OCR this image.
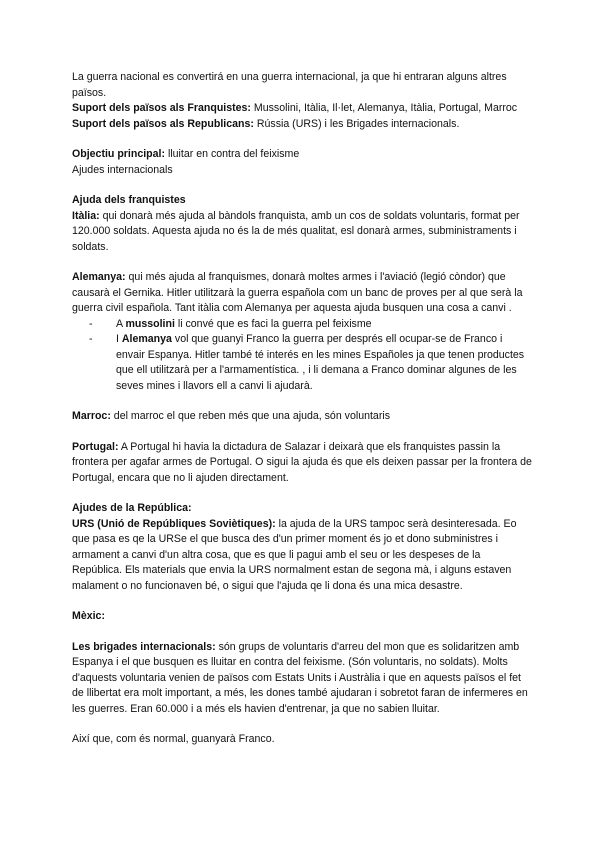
La guerra nacional es convertirá en una guerra internacional, ja que hi entraran alguns altres països.

Suport dels països als Franquistes: Mussolini, Itàlia, Il·let, Alemanya, Itàlia, Portugal, Marroc

Suport dels països als Republicans: Rússia (URS) i les Brigades internacionals.

Objectiu principal: lluitar en contra del feixisme

Ajudes internacionals

Ajuda dels franquistes

Itàlia: qui donarà més ajuda al bàndols franquista, amb un cos de soldats voluntaris, format per 120.000 soldats. Aquesta ajuda no és la de més qualitat, esl donarà armes, subministraments i soldats.

Alemanya: qui més ajuda al franquismes, donarà moltes armes i l'aviació (legió còndor) que causarà el Gernika. Hitler utilitzarà la guerra española com un banc de proves per al que serà la guerra civil española. Tant itàlia com Alemanya per aquesta ajuda busquen una cosa a canvi .

- A mussolini li convé que es faci la guerra pel feixisme
- I Alemanya vol que guanyi Franco la guerra per després ell ocupar-se de Franco i envair Espanya. Hitler també té interés en les mines Españoles ja que tenen productes que ell utilitzarà per a l'armamentística. , i li demana a Franco dominar algunes de les seves mines i llavors ell a canvi li ajudarà.

Marroc: del marroc el que reben més que una ajuda, són voluntaris

Portugal: A Portugal hi havia la dictadura de Salazar i deixarà que els franquistes passin la frontera per agafar armes de Portugal. O sigui la ajuda és que els deixen passar per la frontera de Portugal, encara que no li ajuden directament.

Ajudes de la República:

URS (Unió de Repúbliques Soviètiques): la ajuda de la URS tampoc serà desinteresada. Eo que pasa es qe la URSe el que busca des d'un primer moment és jo et dono subministres i armament a canvi d'un altra cosa, que es que li pagui amb el seu or les despeses de la República. Els materials que envia la URS normalment estan de segona mà, i alguns estaven malament o no funcionaven bé, o sigui que l'ajuda qe li dona és una mica desastre.

Mèxic:

Les brigades internacionals: són grups de voluntaris d'arreu del mon que es solidaritzen amb Espanya i el que busquen es lluitar en contra del feixisme. (Són voluntaris, no soldats). Molts d'aquests voluntaria venien de països com Estats Units i Austràlia i que en aquests països el fet de llibertat era molt important, a més, les dones també ajudaran i sobretot faran de infermeres en les guerres. Eran 60.000 i a més els havien d'entrenar, ja que no sabien lluitar.

Així que, com és normal, guanyarà Franco.
